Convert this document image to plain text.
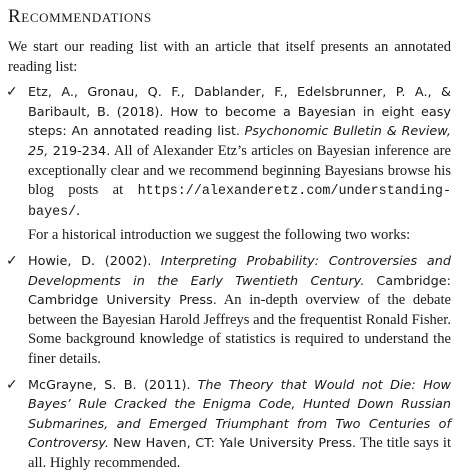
Recommendations

We start our reading list with an article that itself presents an annotated reading list:

✓ Etz, A., Gronau, Q. F., Dablander, F., Edelsbrunner, P. A., & Baribault, B. (2018). How to become a Bayesian in eight easy steps: An annotated reading list. Psychonomic Bulletin & Review, 25, 219-234. All of Alexander Etz’s articles on Bayesian inference are exceptionally clear and we recommend beginning Bayesians browse his blog posts at https://alexanderetz.com/understanding-bayes/.

For a historical introduction we suggest the following two works:

✓ Howie, D. (2002). Interpreting Probability: Controversies and Developments in the Early Twentieth Century. Cambridge: Cambridge University Press. An in-depth overview of the debate between the Bayesian Harold Jeffreys and the frequentist Ronald Fisher. Some background knowledge of statistics is required to understand the finer details.
✓ McGrayne, S. B. (2011). The Theory that Would not Die: How Bayes’ Rule Cracked the Enigma Code, Hunted Down Russian Submarines, and Emerged Triumphant from Two Centuries of Controversy. New Haven, CT: Yale University Press. The title says it all. Highly recommended.
